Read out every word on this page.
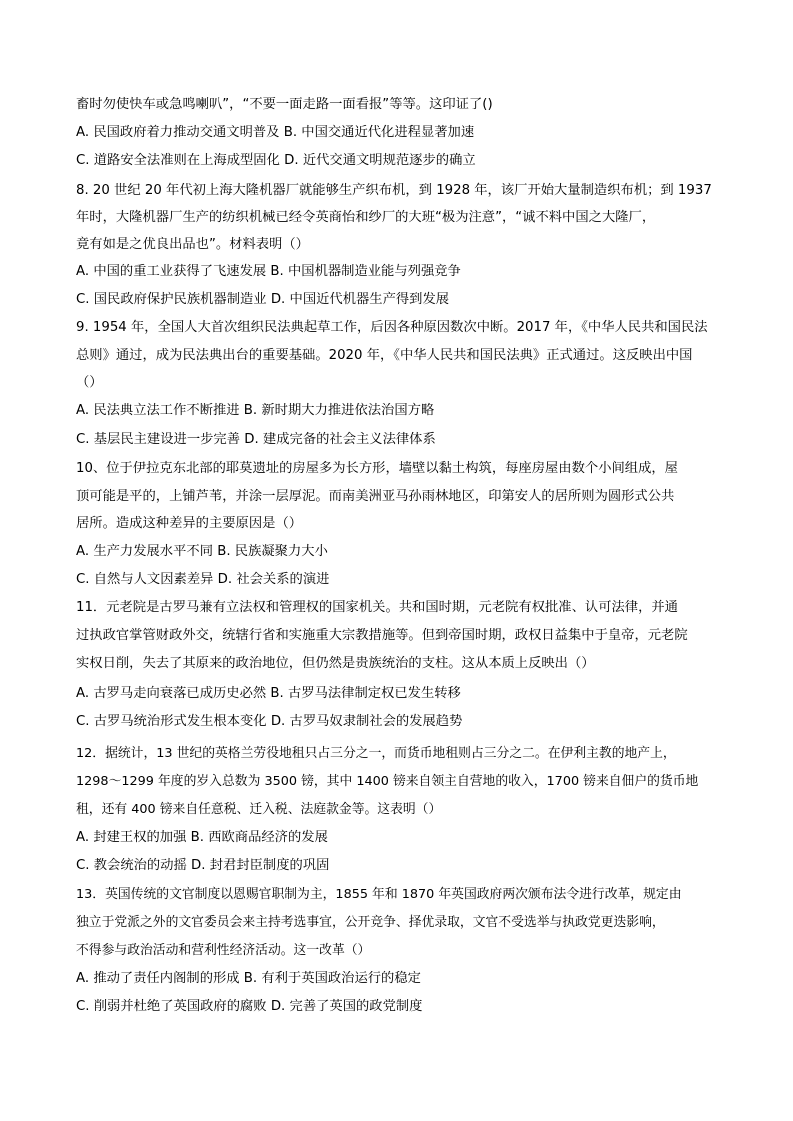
畜时勿使快车或急鸣喇叭”，“不要一面走路一面看报”等等。这印证了()
A. 民国政府着力推动交通文明普及 B. 中国交通近代化进程显著加速
C. 道路安全法准则在上海成型固化 D. 近代交通文明规范逐步的确立
8. 20 世纪 20 年代初上海大隆机器厂就能够生产织布机，到 1928 年，该厂开始大量制造织布机；到 1937
年时，大隆机器厂生产的纺织机械已经令英商怡和纱厂的大班“极为注意”，“诚不料中国之大隆厂，
竟有如是之优良出品也”。材料表明（）
A. 中国的重工业获得了飞速发展 B. 中国机器制造业能与列强竞争
C. 国民政府保护民族机器制造业 D. 中国近代机器生产得到发展
9. 1954 年，全国人大首次组织民法典起草工作，后因各种原因数次中断。2017 年，《中华人民共和国民法
总则》通过，成为民法典出台的重要基础。2020 年，《中华人民共和国民法典》正式通过。这反映出中国
（）
A. 民法典立法工作不断推进 B. 新时期大力推进依法治国方略
C. 基层民主建设进一步完善 D. 建成完备的社会主义法律体系
10、位于伊拉克东北部的耶莫遗址的房屋多为长方形，墙壁以黏土构筑，每座房屋由数个小间组成，屋
顶可能是平的，上铺芦苇，并涂一层厚泥。而南美洲亚马孙雨林地区，印第安人的居所则为圆形式公共
居所。造成这种差异的主要原因是（）
A. 生产力发展水平不同 B. 民族凝聚力大小
C. 自然与人文因素差异 D. 社会关系的演进
11．元老院是古罗马兼有立法权和管理权的国家机关。共和国时期，元老院有权批准、认可法律，并通
过执政官掌管财政外交，统辖行省和实施重大宗教措施等。但到帝国时期，政权日益集中于皇帝，元老院
实权日削，失去了其原来的政治地位，但仍然是贵族统治的支柱。这从本质上反映出（）
A. 古罗马走向衰落已成历史必然 B. 古罗马法律制定权已发生转移
C. 古罗马统治形式发生根本变化 D. 古罗马奴隶制社会的发展趋势
12．据统计，13 世纪的英格兰劳役地租只占三分之一，而货币地租则占三分之二。在伊利主教的地产上，
1298～1299 年度的岁入总数为 3500 镑，其中 1400 镑来自领主自营地的收入，1700 镑来自佃户的货币地
租，还有 400 镑来自任意税、迁入税、法庭款金等。这表明（）
A. 封建王权的加强 B. 西欧商品经济的发展
C. 教会统治的动摇 D. 封君封臣制度的巩固
13．英国传统的文官制度以恩赐官职制为主，1855 年和 1870 年英国政府两次颁布法令进行改革，规定由
独立于党派之外的文官委员会来主持考选事宜，公开竞争、择优录取，文官不受选举与执政党更迭影响，
不得参与政治活动和营利性经济活动。这一改革（）
A. 推动了责任内阁制的形成 B. 有利于英国政治运行的稳定
C. 削弱并杜绝了英国政府的腐败 D. 完善了英国的政党制度
